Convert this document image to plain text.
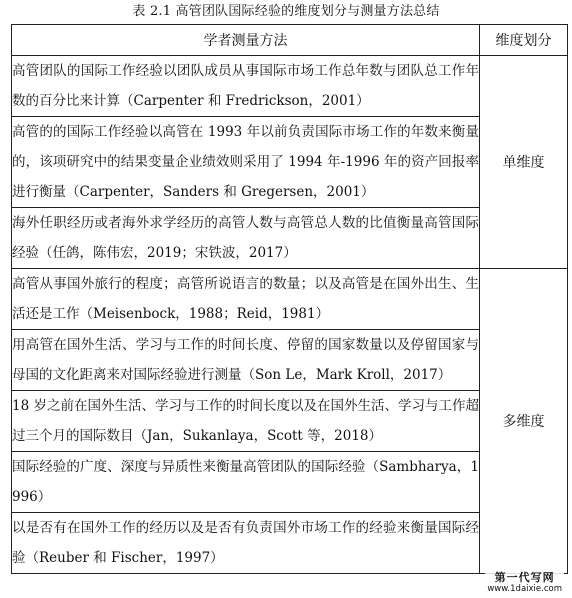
表 2.1 高管团队国际经验的维度划分与测量方法总结
学者测量方法	维度划分
高管团队的国际工作经验以团队成员从事国际市场工作总年数与团队总工作年数的百分比来计算（Carpenter 和 Fredrickson，2001）	单维度
高管的的国际工作经验以高管在 1993 年以前负责国际市场工作的年数来衡量的，该项研究中的结果变量企业绩效则采用了 1994 年-1996 年的资产回报率进行衡量（Carpenter，Sanders 和 Gregersen，2001）	
海外任职经历或者海外求学经历的高管人数与高管总人数的比值衡量高管国际经验（任鸽，陈伟宏，2019；宋铁波，2017）	
高管从事国外旅行的程度；高管所说语言的数量；以及高管是在国外出生、生活还是工作（Meisenbock，1988；Reid，1981）	多维度
用高管在国外生活、学习与工作的时间长度、停留的国家数量以及停留国家与母国的文化距离来对国际经验进行测量（Son Le，Mark Kroll，2017）	
18 岁之前在国外生活、学习与工作的时间长度以及在国外生活、学习与工作超过三个月的国际数目（Jan，Sukanlaya，Scott 等，2018）	
国际经验的广度、深度与异质性来衡量高管团队的国际经验（Sambharya，1996）	
以是否有在国外工作的经历以及是否有负责国外市场工作的经验来衡量国际经验（Reuber 和 Fischer，1997）	
第一代写网
www.1daixie.com
